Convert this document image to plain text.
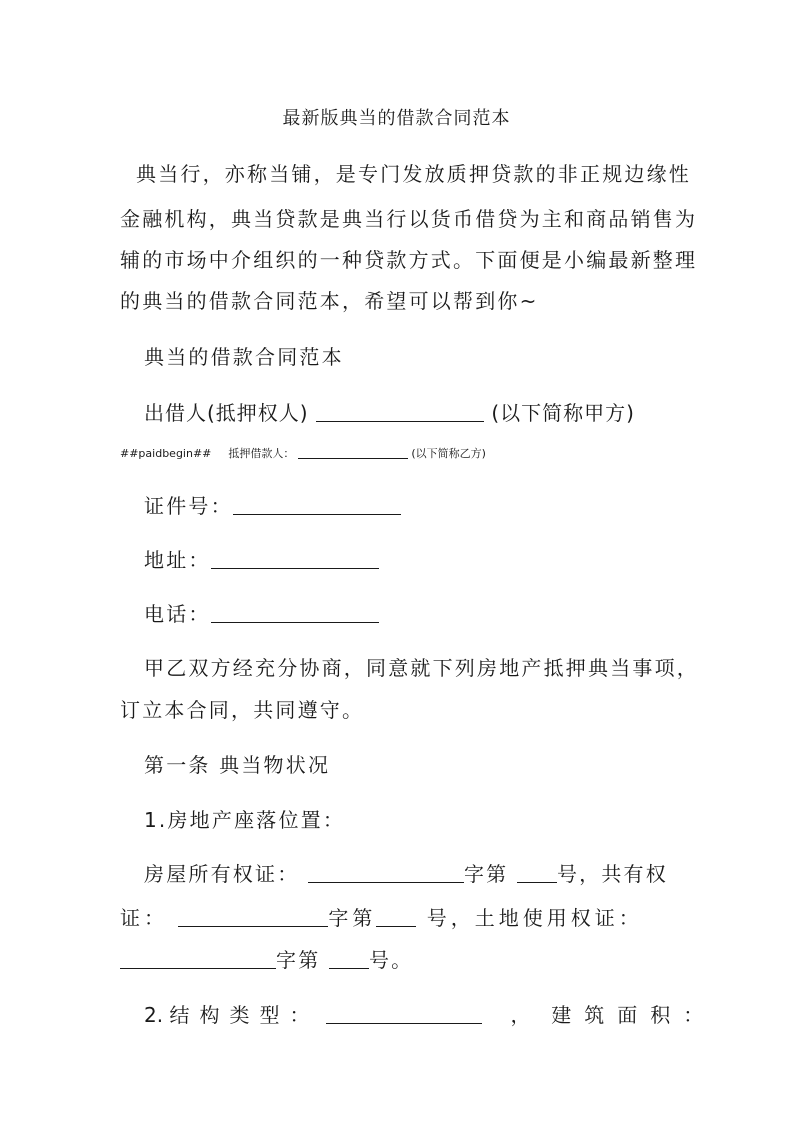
最新版典当的借款合同范本
典当行，亦称当铺，是专门发放质押贷款的非正规边缘性
金融机构，典当贷款是典当行以货币借贷为主和商品销售为
辅的市场中介组织的一种贷款方式。下面便是小编最新整理
的典当的借款合同范本，希望可以帮到你~
典当的借款合同范本
出借人(抵押权人)	(以下简称甲方)
##paidbegin## 抵押借款人：	(以下简称乙方)
证件号：
地址：
电话：
甲乙双方经充分协商，同意就下列房地产抵押典当事项，
订立本合同，共同遵守。
第一条 典当物状况
1.房地产座落位置：
房屋所有权证：	字第 号，共有权
证：	字第	号，土地使用权证：
字第 号。
2. 结构类型：	， 建筑面积：
